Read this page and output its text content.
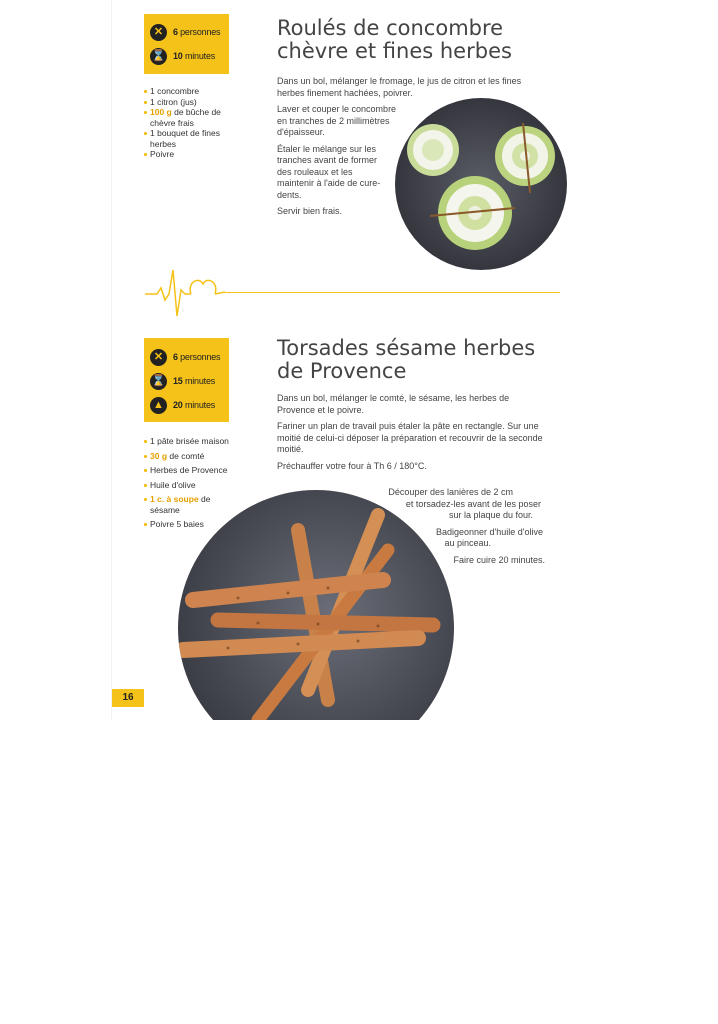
✕	6 personnes
⌛ 10 minutes
1 concombre
1 citron (jus)
100 g de bûche de chèvre frais
1 bouquet de fines herbes
Poivre
Roulés de concombre
chèvre et fines herbes

Dans un bol, mélanger le fromage, le jus de citron et les fines herbes finement hachées, poivrer.

Laver et couper le concombre en tranches de 2 millimètres d'épaisseur.

Étaler le mélange sur les tranches avant de former des rouleaux et les maintenir à l'aide de cure-dents.

Servir bien frais.

✕	6 personnes
⌛ 15 minutes
▲	20 minutes
1 pâte brisée maison
30 g de comté
Herbes de Provence
Huile d'olive
1 c. à soupe de sésame
Poivre 5 baies
Torsades sésame herbes
de Provence

Dans un bol, mélanger le comté, le sésame, les herbes de Provence et le poivre.

Fariner un plan de travail puis étaler la pâte en rectangle. Sur une moitié de celui-ci déposer la préparation et recouvrir de la seconde moitié.

Préchauffer votre four à Th 6 / 180°C.

Découper des lanières de 2 cm
et torsadez-les avant de les poser
sur la plaque du four.
Badigeonner d'huile d'olive
au pinceau.
Faire cuire 20 minutes.
16
